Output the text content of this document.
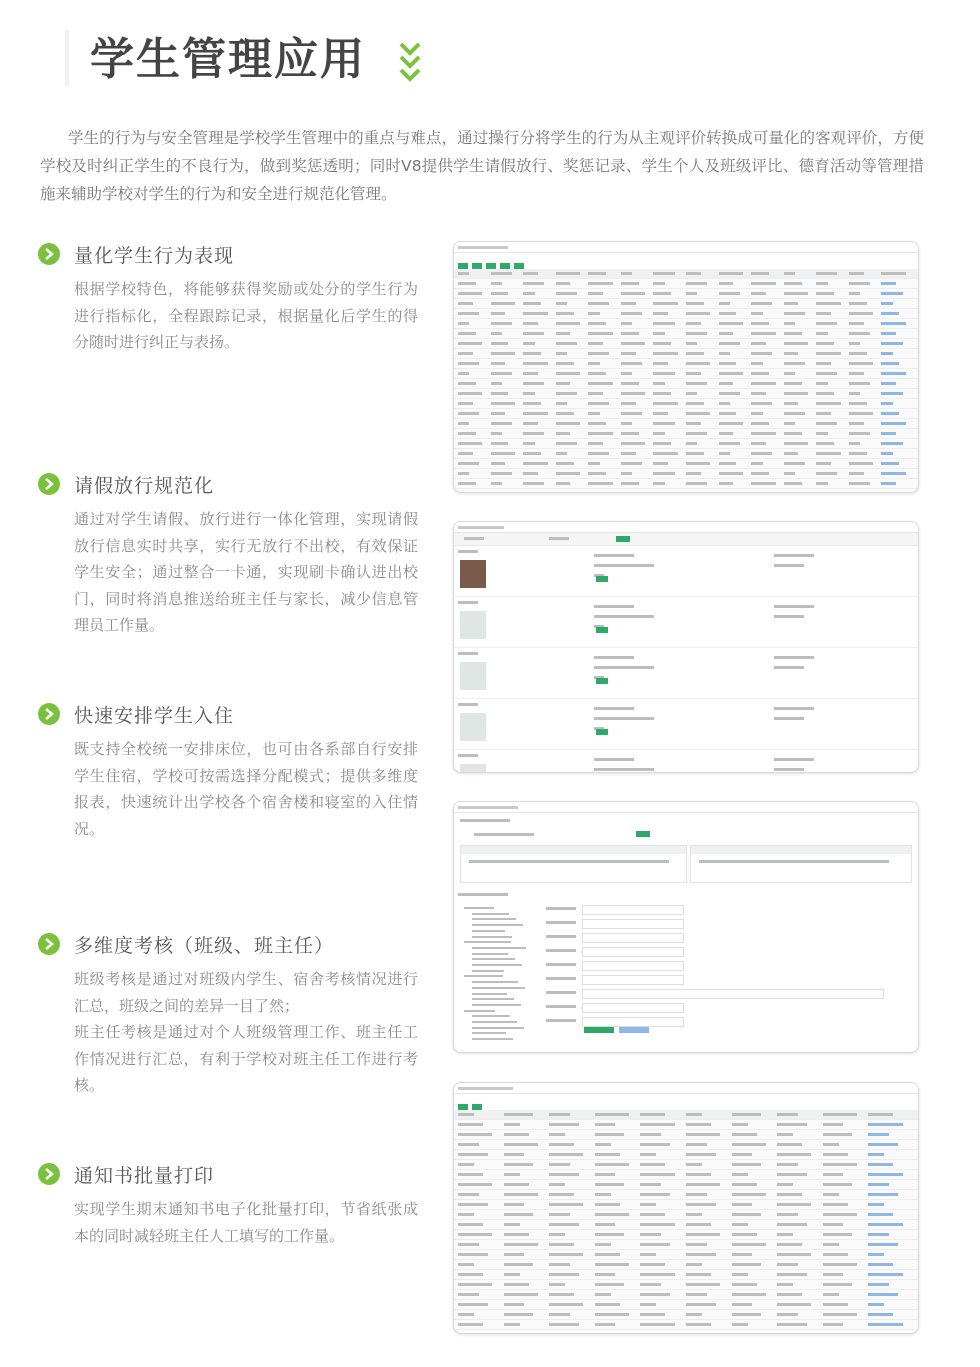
学生管理应用
学生的行为与安全管理是学校学生管理中的重点与难点，通过操行分将学生的行为从主观评价转换成可量化的客观评价，方便学校及时纠正学生的不良行为，做到奖惩透明；同时V8提供学生请假放行、奖惩记录、学生个人及班级评比、德育活动等管理措施来辅助学校对学生的行为和安全进行规范化管理。
量化学生行为表现

根据学校特色，将能够获得奖励或处分的学生行为进行指标化，全程跟踪记录，根据量化后学生的得分随时进行纠正与表扬。

请假放行规范化

通过对学生请假、放行进行一体化管理，实现请假放行信息实时共享，实行无放行不出校，有效保证学生安全；通过整合一卡通，实现刷卡确认进出校门，同时将消息推送给班主任与家长，减少信息管理员工作量。

快速安排学生入住

既支持全校统一安排床位，也可由各系部自行安排学生住宿，学校可按需选择分配模式；提供多维度报表，快速统计出学校各个宿舍楼和寝室的入住情况。

多维度考核（班级、班主任）

班级考核是通过对班级内学生、宿舍考核情况进行汇总，班级之间的差异一目了然；

班主任考核是通过对个人班级管理工作、班主任工作情况进行汇总，有利于学校对班主任工作进行考核。

通知书批量打印

实现学生期末通知书电子化批量打印，节省纸张成本的同时减轻班主任人工填写的工作量。
